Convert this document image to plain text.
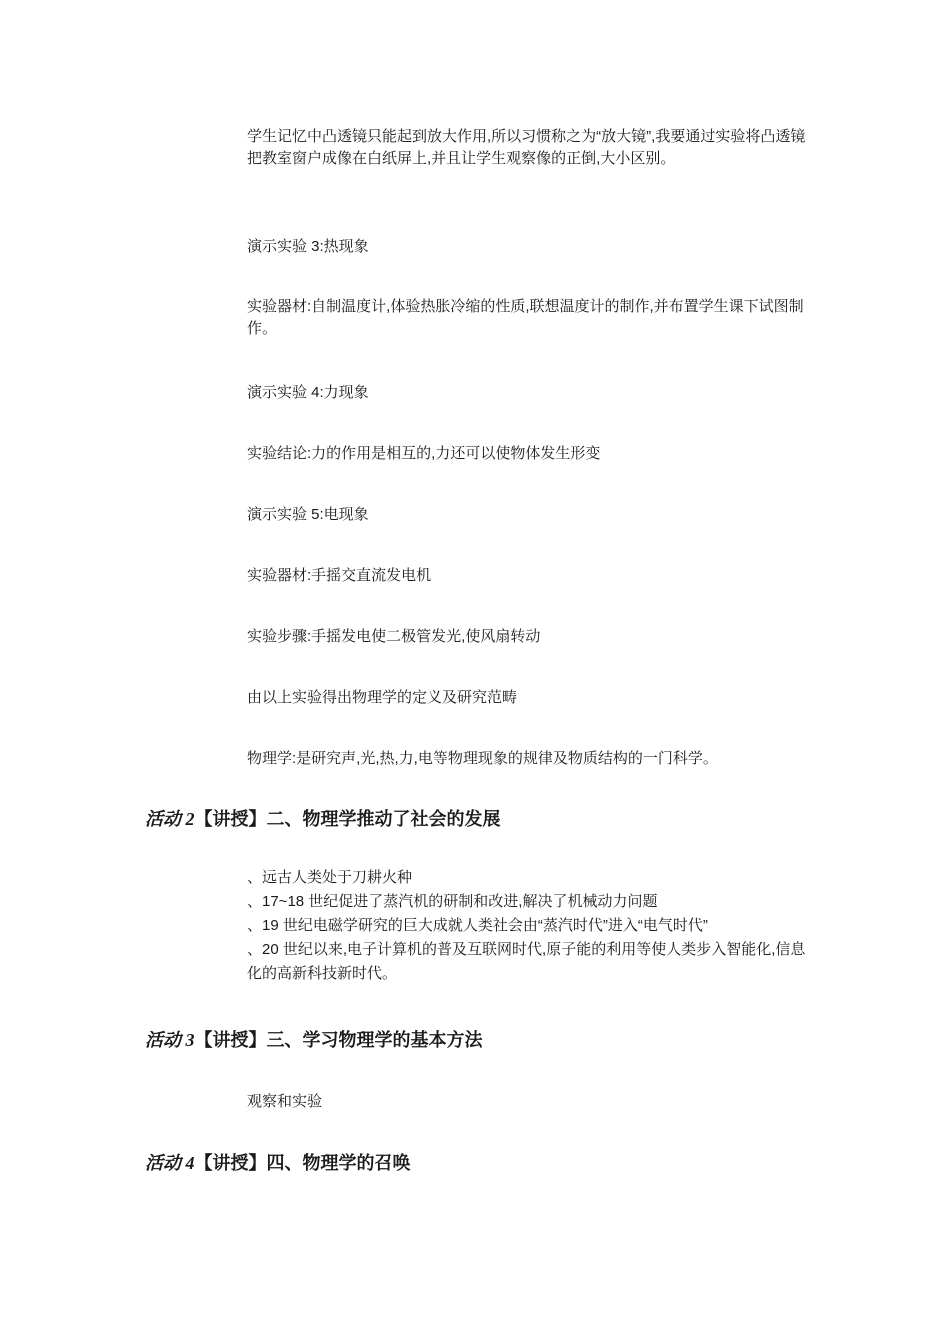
学生记忆中凸透镜只能起到放大作用,所以习惯称之为“放大镜”,我要通过实验将凸透镜把教室窗户成像在白纸屏上,并且让学生观察像的正倒,大小区别。

演示实验 3:热现象

实验器材:自制温度计,体验热胀冷缩的性质,联想温度计的制作,并布置学生课下试图制作。

演示实验 4:力现象

实验结论:力的作用是相互的,力还可以使物体发生形变

演示实验 5:电现象

实验器材:手摇交直流发电机

实验步骤:手摇发电使二极管发光,使风扇转动

由以上实验得出物理学的定义及研究范畴

物理学:是研究声,光,热,力,电等物理现象的规律及物质结构的一门科学。

活动 2【讲授】二、物理学推动了社会的发展
、远古人类处于刀耕火种
、17~18 世纪促进了蒸汽机的研制和改进,解决了机械动力问题
、19 世纪电磁学研究的巨大成就人类社会由“蒸汽时代”进入“电气时代”
、20 世纪以来,电子计算机的普及互联网时代,原子能的利用等使人类步入智能化,信息化的高新科技新时代。
活动 3【讲授】三、学习物理学的基本方法

观察和实验

活动 4【讲授】四、物理学的召唤
